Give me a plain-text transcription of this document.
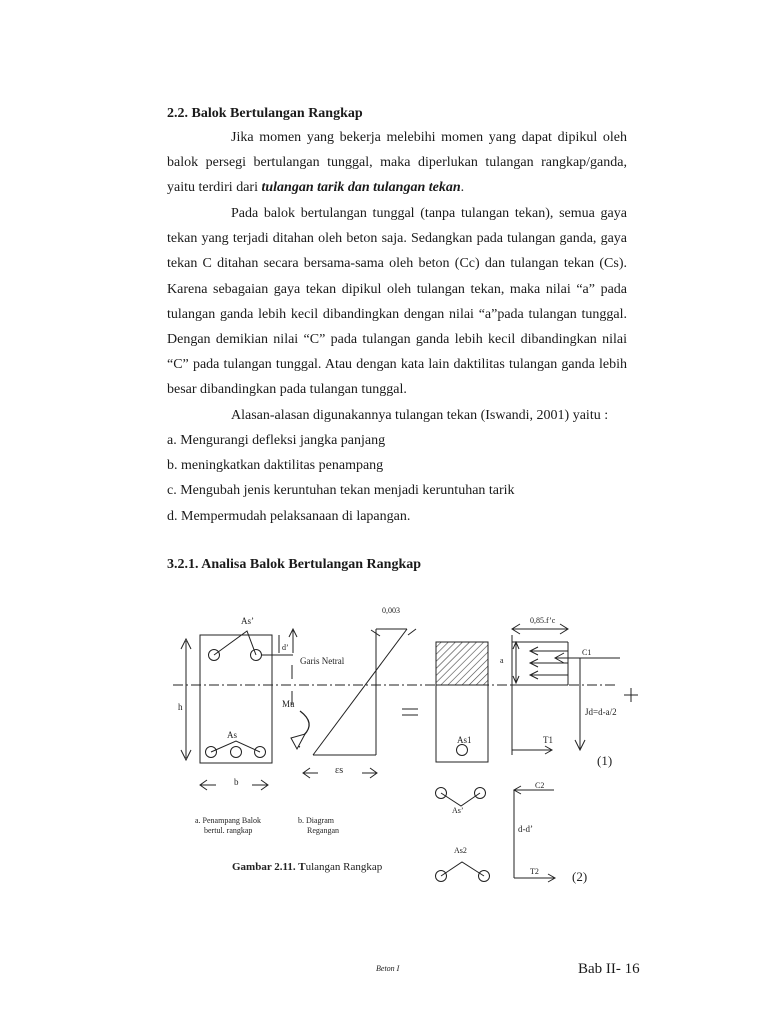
2.2. Balok Bertulangan Rangkap

Jika momen yang bekerja melebihi momen yang dapat dipikul oleh balok persegi bertulangan tunggal, maka diperlukan tulangan rangkap/ganda, yaitu terdiri dari tulangan tarik dan tulangan tekan.

Pada balok bertulangan tunggal (tanpa tulangan tekan), semua gaya tekan yang terjadi ditahan oleh beton saja. Sedangkan pada tulangan ganda, gaya tekan C ditahan secara bersama-sama oleh beton (Cc) dan tulangan tekan (Cs). Karena sebagaian gaya tekan dipikul oleh tulangan tekan, maka nilai “a” pada tulangan ganda lebih kecil dibandingkan dengan nilai “a”pada tulangan tunggal. Dengan demikian nilai “C” pada tulangan ganda lebih kecil dibandingkan nilai “C” pada tulangan tunggal. Atau dengan kata lain daktilitas tulangan ganda lebih besar dibandingkan pada tulangan tunggal.

Alasan-alasan digunakannya tulangan tekan (Iswandi, 2001) yaitu :

a. Mengurangi defleksi jangka panjang
b. meningkatkan daktilitas penampang
c. Mengubah jenis keruntuhan tekan menjadi keruntuhan tarik
d. Mempermudah pelaksanaan di lapangan.
3.2.1. Analisa Balok Bertulangan Rangkap
As’
d’
Garis Netral
h	Mu
As
b
0,003
εs
As1
0,85.f’c
a
C1
Jd=d-a/2
T1
(1)
C2
As’
d-d’
As2
T2	(2)
a. Penampang Balok
bertul. rangkap
b. Diagram
Regangan
Gambar 2.11. Tulangan Rangkap
Beton I	Bab II- 16
